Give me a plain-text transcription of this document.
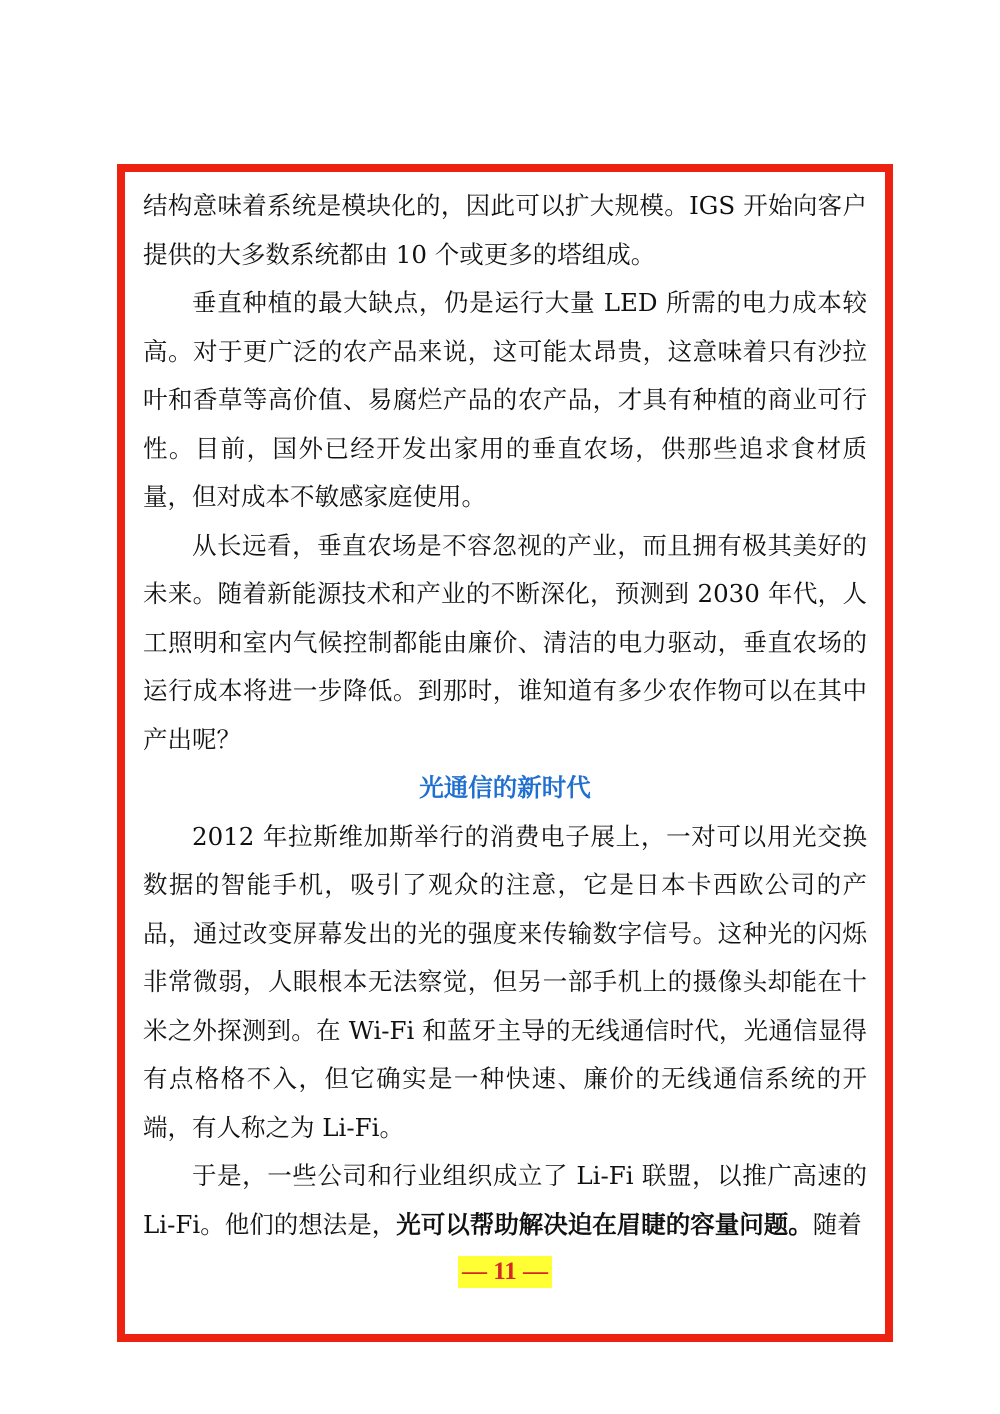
结构意味着系统是模块化的，因此可以扩大规模。IGS 开始向客户提供的大多数系统都由 10 个或更多的塔组成。

垂直种植的最大缺点，仍是运行大量 LED 所需的电力成本较高。对于更广泛的农产品来说，这可能太昂贵，这意味着只有沙拉叶和香草等高价值、易腐烂产品的农产品，才具有种植的商业可行性。目前，国外已经开发出家用的垂直农场，供那些追求食材质量，但对成本不敏感家庭使用。

从长远看，垂直农场是不容忽视的产业，而且拥有极其美好的未来。随着新能源技术和产业的不断深化，预测到 2030 年代，人工照明和室内气候控制都能由廉价、清洁的电力驱动，垂直农场的运行成本将进一步降低。到那时，谁知道有多少农作物可以在其中产出呢？

光通信的新时代

2012 年拉斯维加斯举行的消费电子展上，一对可以用光交换数据的智能手机，吸引了观众的注意，它是日本卡西欧公司的产品，通过改变屏幕发出的光的强度来传输数字信号。这种光的闪烁非常微弱，人眼根本无法察觉，但另一部手机上的摄像头却能在十米之外探测到。在 Wi-Fi 和蓝牙主导的无线通信时代，光通信显得有点格格不入，但它确实是一种快速、廉价的无线通信系统的开端，有人称之为 Li-Fi。

于是，一些公司和行业组织成立了 Li-Fi 联盟，以推广高速的 Li-Fi。他们的想法是，光可以帮助解决迫在眉睫的容量问题。随着

— 11 —
